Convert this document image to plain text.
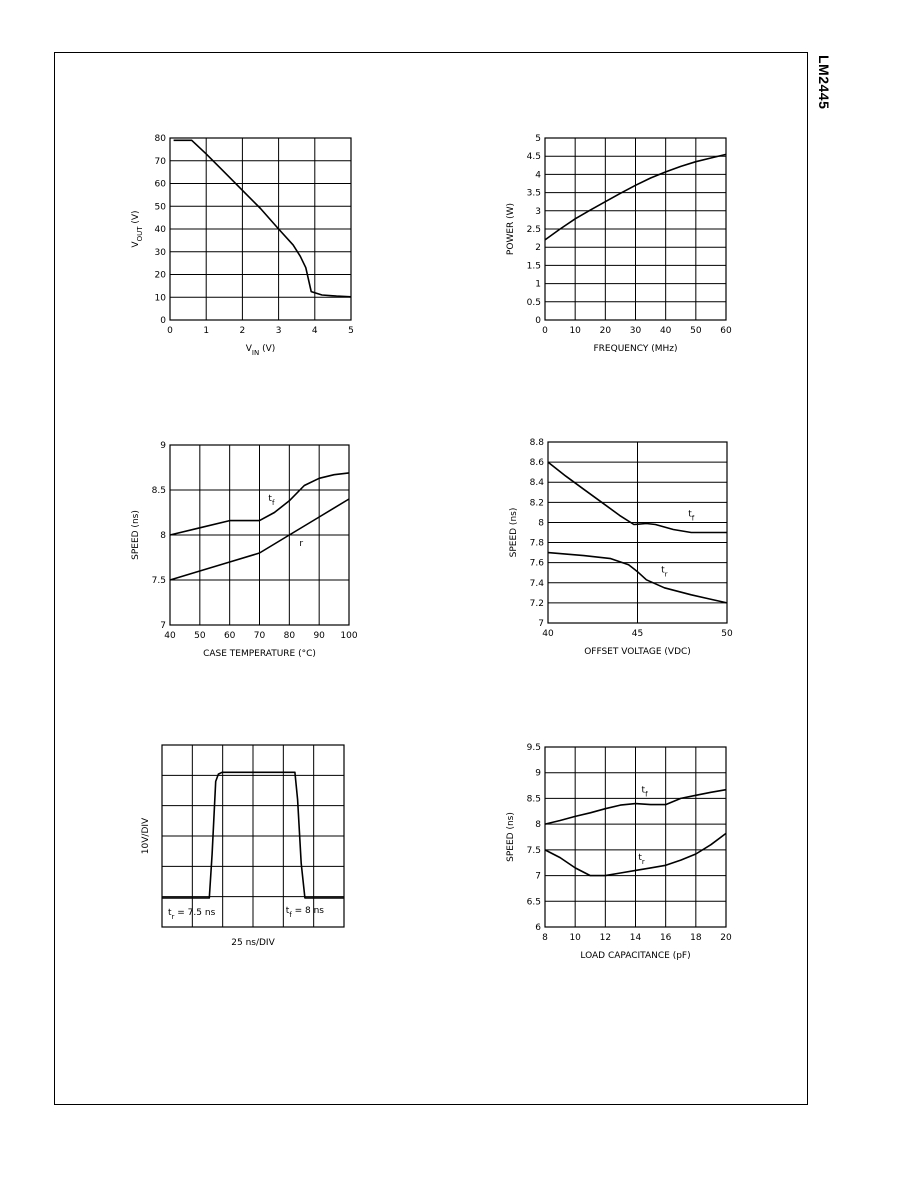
LM2445
0	1	2	3	4	5
0
10
20
30
40
50
60
70
80
$V_{IN}$ (V)
$V_{OUT}$ (V)
0 10 20 30 40 50 60
0
0.5
1
1.5
2
2.5
3
3.5
4
4.5
5
FREQUENCY (MHz)
POWER (W)
40 50 60 70 80 90 100
7
7.5
8
8.5
9
CASE TEMPERATURE (°C)
SPEED (ns)
$t_f$
r
40	45	50
7
7.2
7.4
7.6
7.8
8
8.2
8.4
8.6
8.8
OFFSET VOLTAGE (VDC)
SPEED (ns)	$t_f$
$t_r$
25 ns/DIV
10V/DIV
$t_r = 7.5$ ns	$t_f = 8$ ns
8 10 12 14 16 18 20
6
6.5
7
7.5
8
8.5
9
9.5
LOAD CAPACITANCE (pF)
SPEED (ns)
$t_f$
$t_r$
